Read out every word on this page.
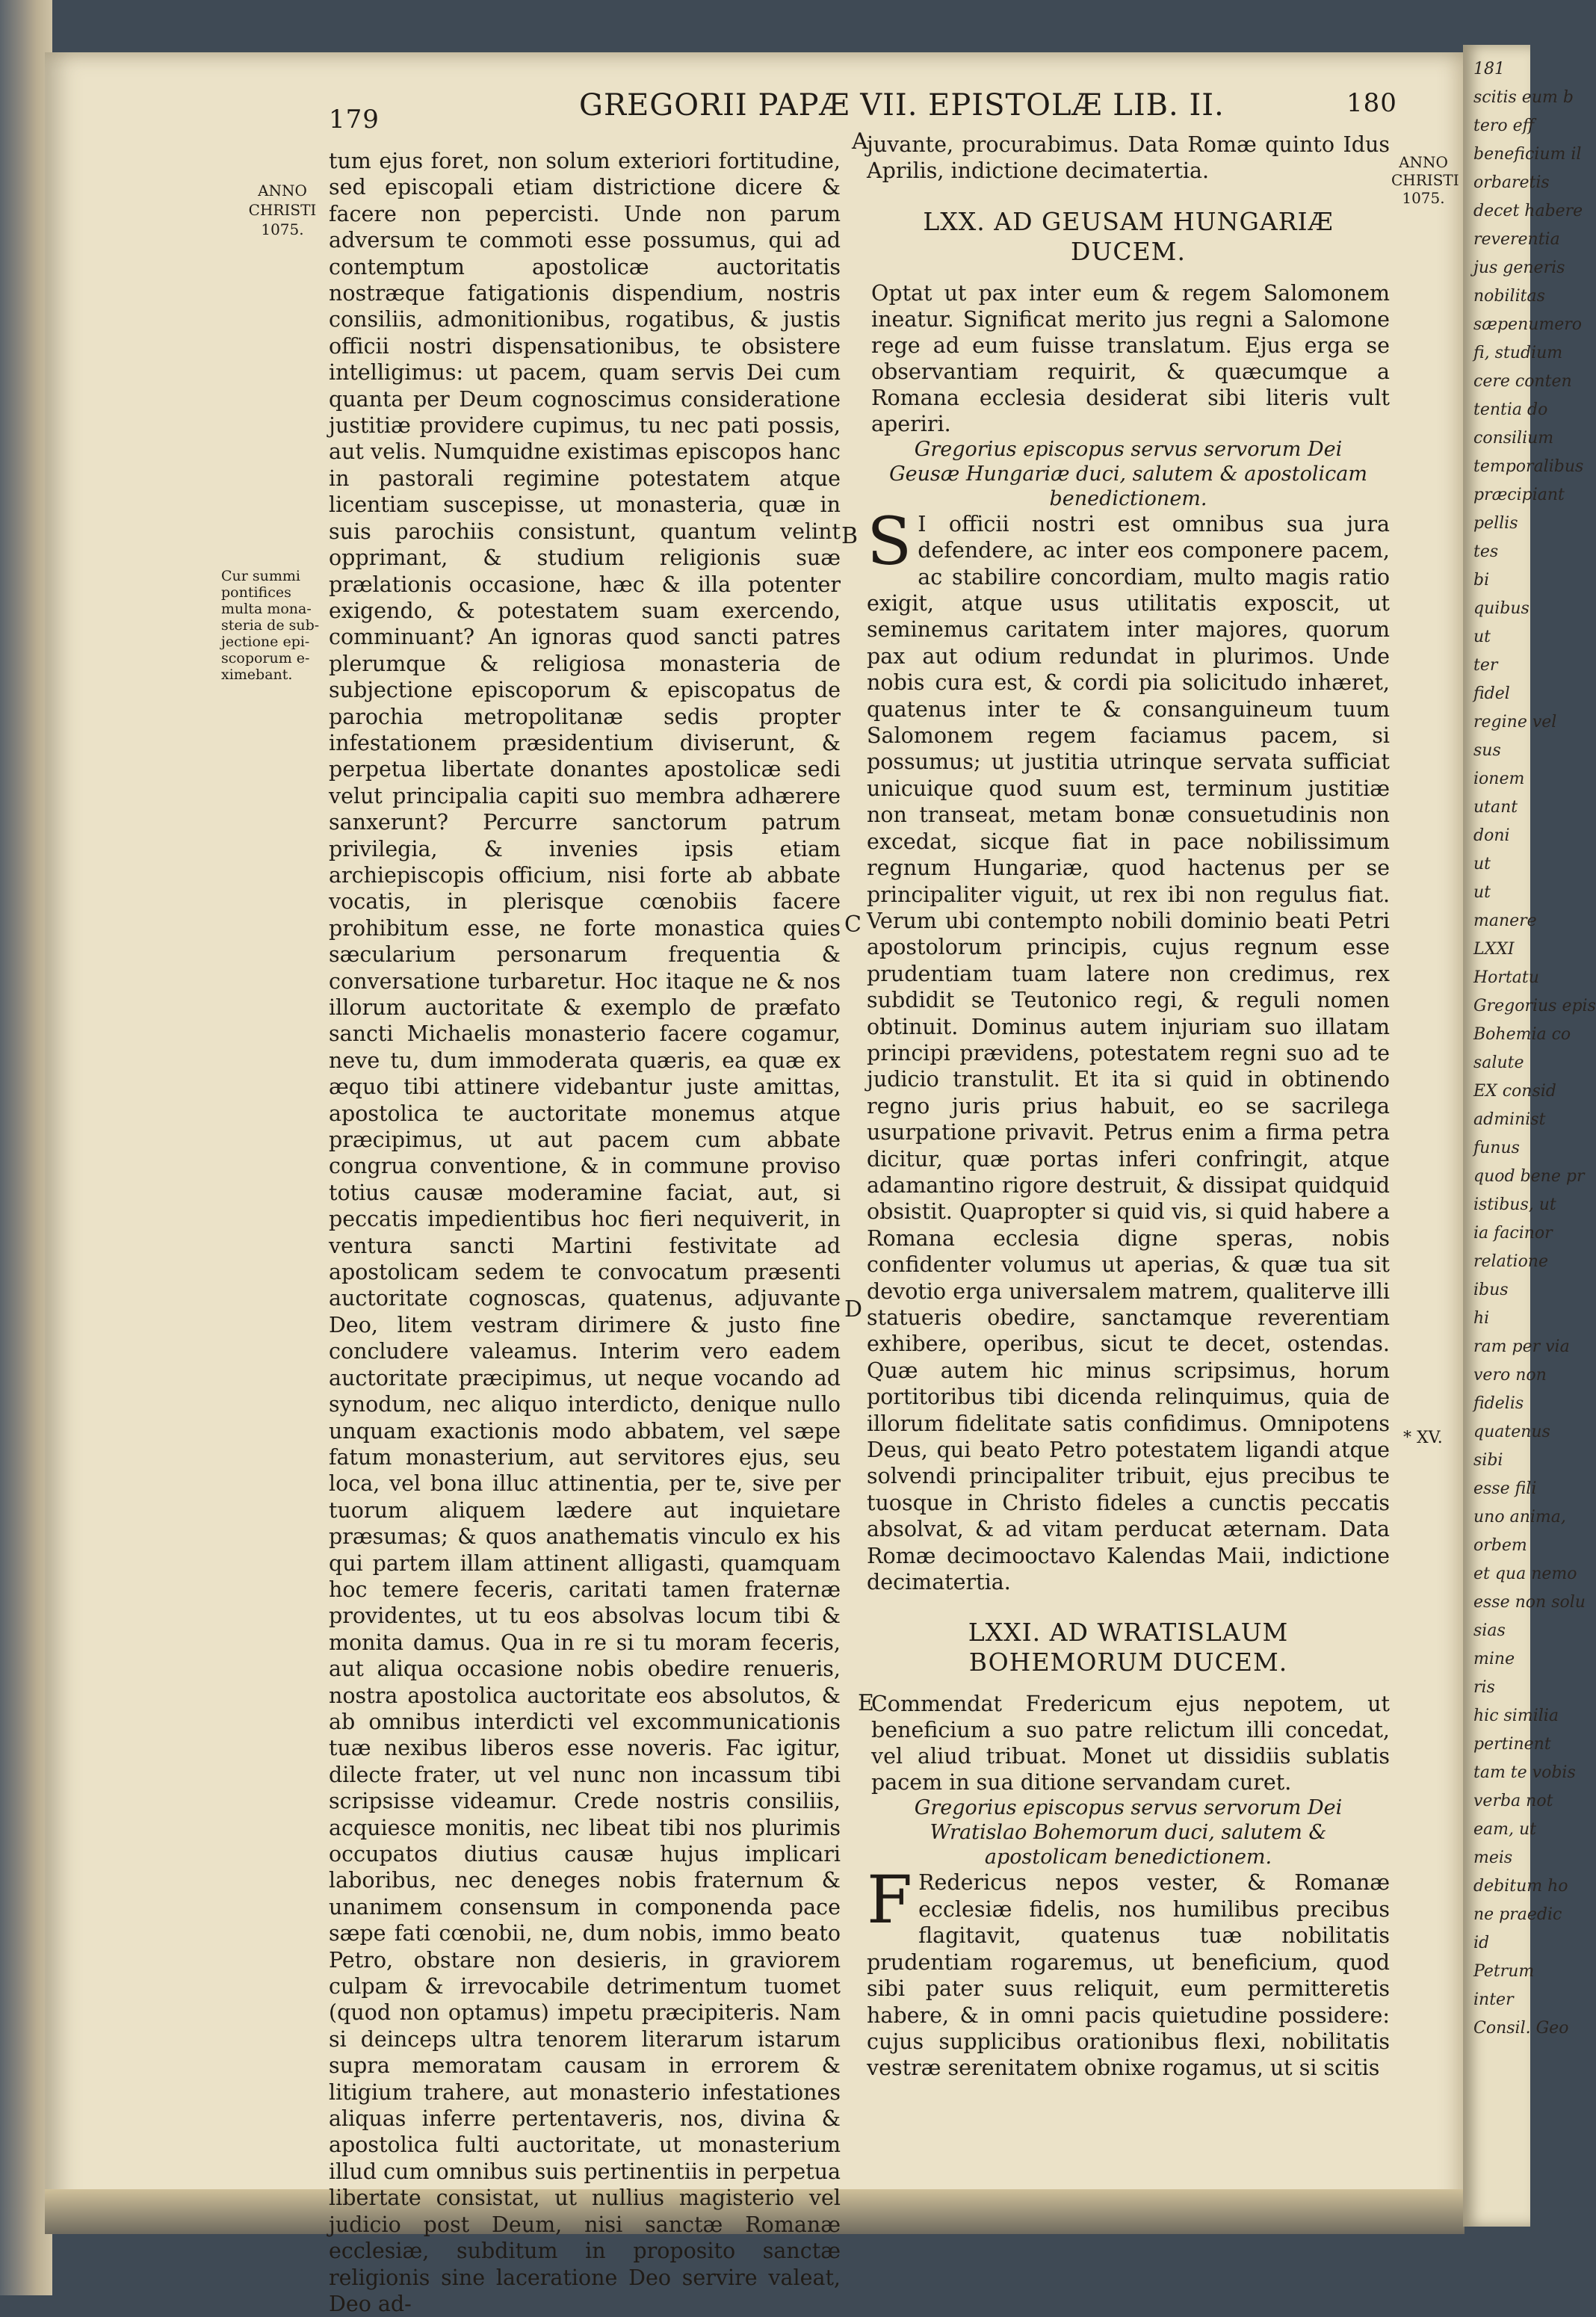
179	GREGORII PAPÆ VII. EPISTOLÆ LIB. II.	180
ANNO
CHRISTI
1075.
ANNO
CHRISTI
1075.
Cur summi
pontifices
multa mona-
steria de sub-
jectione epi-
scoporum e-
ximebant.
A
B
C
D
E
* XV.

tum ejus foret, non solum exteriori fortitudine, sed episcopali etiam districtione dicere & facere non pepercisti. Unde non parum adversum te commoti esse possumus, qui ad contemptum apostolicæ auctoritatis nostræque fatigationis dispendium, nostris consiliis, admonitionibus, rogatibus, & justis officii nostri dispensationibus, te obsistere intelligimus: ut pacem, quam servis Dei cum quanta per Deum cognoscimus consideratione justitiæ providere cupimus, tu nec pati possis, aut velis. Numquidne existimas episcopos hanc in pastorali regimine potestatem atque licentiam suscepisse, ut monasteria, quæ in suis parochiis consistunt, quantum velint opprimant, & studium religionis suæ prælationis occasione, hæc & illa potenter exigendo, & potestatem suam exercendo, comminuant? An ignoras quod sancti patres plerumque & religiosa monasteria de subjectione episcoporum & episcopatus de parochia metropolitanæ sedis propter infestationem præsidentium diviserunt, & perpetua libertate donantes apostolicæ sedi velut principalia capiti suo membra adhærere sanxerunt? Percurre sanctorum patrum privilegia, & invenies ipsis etiam archiepiscopis officium, nisi forte ab abbate vocatis, in plerisque cœnobiis facere prohibitum esse, ne forte monastica quies sæcularium personarum frequentia & conversatione turbaretur. Hoc itaque ne & nos illorum auctoritate & exemplo de præfato sancti Michaelis monasterio facere cogamur, neve tu, dum immoderata quæris, ea quæ ex æquo tibi attinere videbantur juste amittas, apostolica te auctoritate monemus atque præcipimus, ut aut pacem cum abbate congrua conventione, & in commune proviso totius causæ moderamine faciat, aut, si peccatis impedientibus hoc fieri nequiverit, in ventura sancti Martini festivitate ad apostolicam sedem te convocatum præsenti auctoritate cognoscas, quatenus, adjuvante Deo, litem vestram dirimere & justo fine concludere valeamus. Interim vero eadem auctoritate præcipimus, ut neque vocando ad synodum, nec aliquo interdicto, denique nullo unquam exactionis modo abbatem, vel sæpe fatum monasterium, aut servitores ejus, seu loca, vel bona illuc attinentia, per te, sive per tuorum aliquem lædere aut inquietare præsumas; & quos anathematis vinculo ex his qui partem illam attinent alligasti, quamquam hoc temere feceris, caritati tamen fraternæ providentes, ut tu eos absolvas locum tibi & monita damus. Qua in re si tu moram feceris, aut aliqua occasione nobis obedire renueris, nostra apostolica auctoritate eos absolutos, & ab omnibus interdicti vel excommunicationis tuæ nexibus liberos esse noveris. Fac igitur, dilecte frater, ut vel nunc non incassum tibi scripsisse videamur. Crede nostris consiliis, acquiesce monitis, nec libeat tibi nos plurimis occupatos diutius causæ hujus implicari laboribus, nec deneges nobis fraternum & unanimem consensum in componenda pace sæpe fati cœnobii, ne, dum nobis, immo beato Petro, obstare non desieris, in graviorem culpam & irrevocabile detrimentum tuomet (quod non optamus) impetu præcipiteris. Nam si deinceps ultra tenorem literarum istarum supra memoratam causam in errorem & litigium trahere, aut monasterio infestationes aliquas inferre pertentaveris, nos, divina & apostolica fulti auctoritate, ut monasterium illud cum omnibus suis pertinentiis in perpetua libertate consistat, ut nullius magisterio vel judicio post Deum, nisi sanctæ Romanæ ecclesiæ, subditum in proposito sanctæ religionis sine laceratione Deo servire valeat, Deo ad-

juvante, procurabimus. Data Romæ quinto Idus Aprilis, indictione decimatertia.

LXX. AD GEUSAM HUNGARIÆ DUCEM.

Optat ut pax inter eum & regem Salomonem ineatur. Significat merito jus regni a Salomone rege ad eum fuisse translatum. Ejus erga se observantiam requirit, & quæcumque a Romana ecclesia desiderat sibi literis vult aperiri.

Gregorius episcopus servus servorum Dei Geusæ Hungariæ duci, salutem & apostolicam benedictionem.

S I officii nostri est omnibus sua jura defendere, ac inter eos componere pacem, ac stabilire concordiam, multo magis ratio exigit, atque usus utilitatis exposcit, ut seminemus caritatem inter majores, quorum pax aut odium redundat in plurimos. Unde nobis cura est, & cordi pia solicitudo inhæret, quatenus inter te & consanguineum tuum Salomonem regem faciamus pacem, si possumus; ut justitia utrinque servata sufficiat unicuique quod suum est, terminum justitiæ non transeat, metam bonæ consuetudinis non excedat, sicque fiat in pace nobilissimum regnum Hungariæ, quod hactenus per se principaliter viguit, ut rex ibi non regulus fiat. Verum ubi contempto nobili dominio beati Petri apostolorum principis, cujus regnum esse prudentiam tuam latere non credimus, rex subdidit se Teutonico regi, & reguli nomen obtinuit. Dominus autem injuriam suo illatam principi prævidens, potestatem regni suo ad te judicio transtulit. Et ita si quid in obtinendo regno juris prius habuit, eo se sacrilega usurpatione privavit. Petrus enim a firma petra dicitur, quæ portas inferi confringit, atque adamantino rigore destruit, & dissipat quidquid obsistit. Quapropter si quid vis, si quid habere a Romana ecclesia digne speras, nobis confidenter volumus ut aperias, & quæ tua sit devotio erga universalem matrem, qualiterve illi statueris obedire, sanctamque reverentiam exhibere, operibus, sicut te decet, ostendas. Quæ autem hic minus scripsimus, horum portitoribus tibi dicenda relinquimus, quia de illorum fidelitate satis confidimus. Omnipotens Deus, qui beato Petro potestatem ligandi atque solvendi principaliter tribuit, ejus precibus te tuosque in Christo fideles a cunctis peccatis absolvat, & ad vitam perducat æternam. Data Romæ decimooctavo Kalendas Maii, indictione decimatertia.

LXXI. AD WRATISLAUM BOHEMORUM DUCEM.

Commendat Fredericum ejus nepotem, ut beneficium a suo patre relictum illi concedat, vel aliud tribuat. Monet ut dissidiis sublatis pacem in sua ditione servandam curet.

Gregorius episcopus servus servorum Dei Wratislao Bohemorum duci, salutem & apostolicam benedictionem.

F Redericus nepos vester, & Romanæ ecclesiæ fidelis, nos humilibus precibus flagitavit, quatenus tuæ nobilitatis prudentiam rogaremus, ut beneficium, quod sibi pater suus reliquit, eum permitteretis habere, & in omni pacis quietudine possidere: cujus supplicibus orationibus flexi, nobilitatis vestræ serenitatem obnixe rogamus, ut si scitis

181
scitis eum b
tero eff
beneficium il
orbaretis
decet habere
reverentia
jus generis
nobilitas
sæpenumero
fi, studium
cere conten
tentia do
consilium
temporalibus
præcipiant
pellis
tes
bi
quibus
ut
ter
fidel
regine vel
sus
ionem
utant
doni
ut
ut
manere
LXXI
Hortatu
Gregorius epis
Bohemia co
salute
EX consid
administ
funus
quod bene pr
istibus, ut
ia facinor
relatione
ibus
hi
ram per via
vero non
fidelis
quatenus
sibi
esse fili
uno anima,
orbem
et qua nemo
esse non solu
sias
mine
ris
hic similia
pertinent
tam te vobis
verba not
eam, ut
meis
debitum ho
ne praedic
id
Petrum
inter
Consil. Geo
